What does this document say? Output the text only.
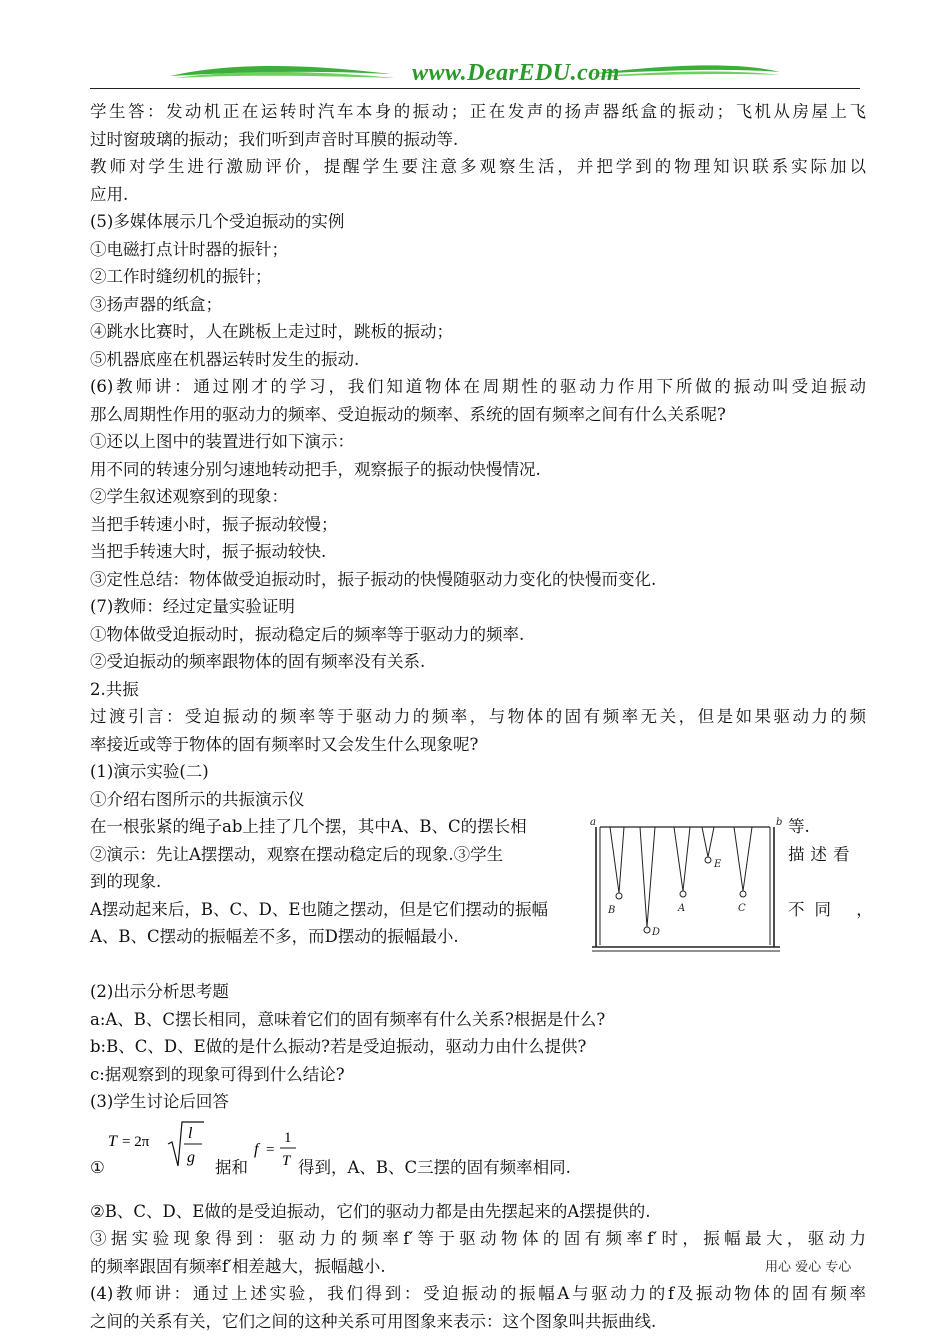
www.DearEDU.com
学生答：发动机正在运转时汽车本身的振动；正在发声的扬声器纸盒的振动；飞机从房屋上飞
过时窗玻璃的振动；我们听到声音时耳膜的振动等.
教师对学生进行激励评价，提醒学生要注意多观察生活，并把学到的物理知识联系实际加以
应用.
(5)多媒体展示几个受迫振动的实例
①电磁打点计时器的振针；
②工作时缝纫机的振针；
③扬声器的纸盒；
④跳水比赛时，人在跳板上走过时，跳板的振动；
⑤机器底座在机器运转时发生的振动.
(6)教师讲：通过刚才的学习，我们知道物体在周期性的驱动力作用下所做的振动叫受迫振动
那么周期性作用的驱动力的频率、受迫振动的频率、系统的固有频率之间有什么关系呢?
①还以上图中的装置进行如下演示：
用不同的转速分别匀速地转动把手，观察振子的振动快慢情况.
②学生叙述观察到的现象：
当把手转速小时，振子振动较慢；
当把手转速大时，振子振动较快.
③定性总结：物体做受迫振动时，振子振动的快慢随驱动力变化的快慢而变化.
(7)教师：经过定量实验证明
①物体做受迫振动时，振动稳定后的频率等于驱动力的频率.
②受迫振动的频率跟物体的固有频率没有关系.
2.共振
过渡引言：受迫振动的频率等于驱动力的频率，与物体的固有频率无关，但是如果驱动力的频
率接近或等于物体的固有频率时又会发生什么现象呢?
(1)演示实验(二)
①介绍右图所示的共振演示仪
在一根张紧的绳子ab上挂了几个摆，其中A、B、C的摆长相
②演示：先让A摆摆动，观察在摆动稳定后的现象.③学生
到的现象.
A摆动起来后，B、C、D、E也随之摆动，但是它们摆动的振幅
A、B、C摆动的振幅差不多，而D摆动的振幅最小.
等.
描述看
不同 ，
a	b
B
D
A
E
C
(2)出示分析思考题
a:A、B、C摆长相同，意味着它们的固有频率有什么关系?根据是什么?
b:B、C、D、E做的是什么振动?若是受迫振动，驱动力由什么提供?
c:据观察到的现象可得到什么结论?
(3)学生讨论后回答
①
T = 2π l
g	f =
1
T
据和	得到，A、B、C三摆的固有频率相同.
②B、C、D、E做的是受迫振动，它们的驱动力都是由先摆起来的A摆提供的.
③据实验现象得到：驱动力的频率f′等于驱动物体的固有频率f′时，振幅最大，驱动力
的频率跟固有频率f′相差越大，振幅越小.
(4)教师讲：通过上述实验，我们得到：受迫振动的振幅A与驱动力的f及振动物体的固有频率
之间的关系有关，它们之间的这种关系可用图象来表示：这个图象叫共振曲线.
用心 爱心 专心
